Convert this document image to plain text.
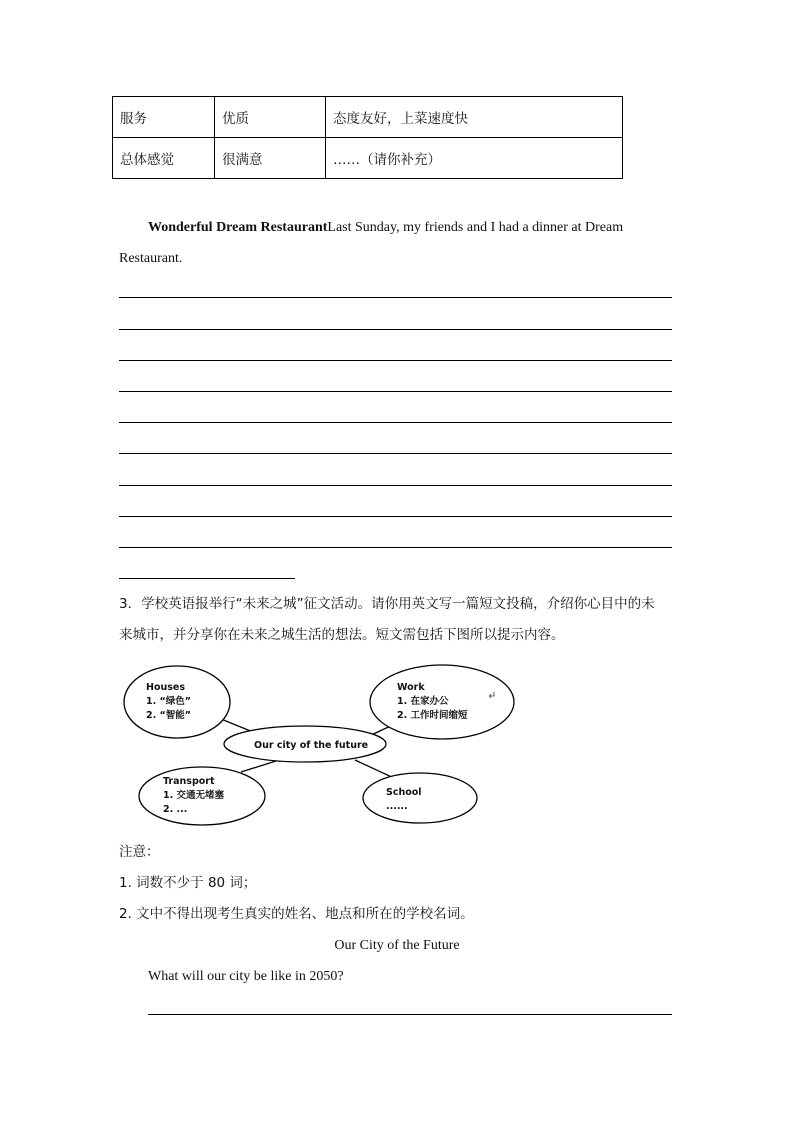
服务	优质	态度友好，上菜速度快
总体感觉	很满意	……（请你补充）
Wonderful Dream RestaurantLast Sunday, my friends and I had a dinner at Dream
Restaurant.
3．学校英语报举行“未来之城”征文活动。请你用英文写一篇短文投稿，介绍你心目中的未
来城市，并分享你在未来之城生活的想法。短文需包括下图所以提示内容。
Houses
1. “绿色”
2. “智能”
Work
1. 在家办公
2. 工作时间缩短
Our city of the future
Transport
1. 交通无堵塞
2. ...
School
......
注意：
1. 词数不少于 80 词；
2. 文中不得出现考生真实的姓名、地点和所在的学校名词。
Our City of the Future
What will our city be like in 2050?
